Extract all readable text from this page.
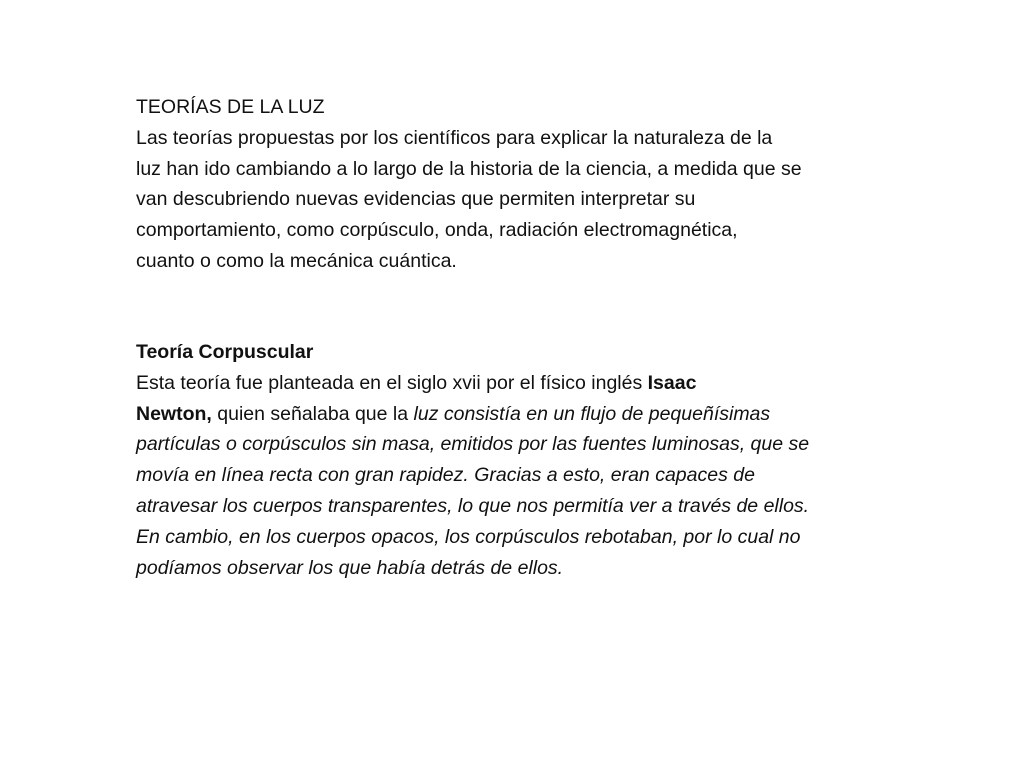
TEORÍAS DE LA LUZ
Las teorías propuestas por los científicos para explicar la naturaleza de la
luz han ido cambiando a lo largo de la historia de la ciencia, a medida que se
van descubriendo nuevas evidencias que permiten interpretar su
comportamiento, como corpúsculo, onda, radiación electromagnética,
cuanto o como la mecánica cuántica.
Teoría Corpuscular
Esta teoría fue planteada en el siglo xvii por el físico inglés Isaac
Newton, quien señalaba que la luz consistía en un flujo de pequeñísimas
partículas o corpúsculos sin masa, emitidos por las fuentes luminosas, que se
movía en línea recta con gran rapidez. Gracias a esto, eran capaces de
atravesar los cuerpos transparentes, lo que nos permitía ver a través de ellos.
En cambio, en los cuerpos opacos, los corpúsculos rebotaban, por lo cual no
podíamos observar los que había detrás de ellos.
